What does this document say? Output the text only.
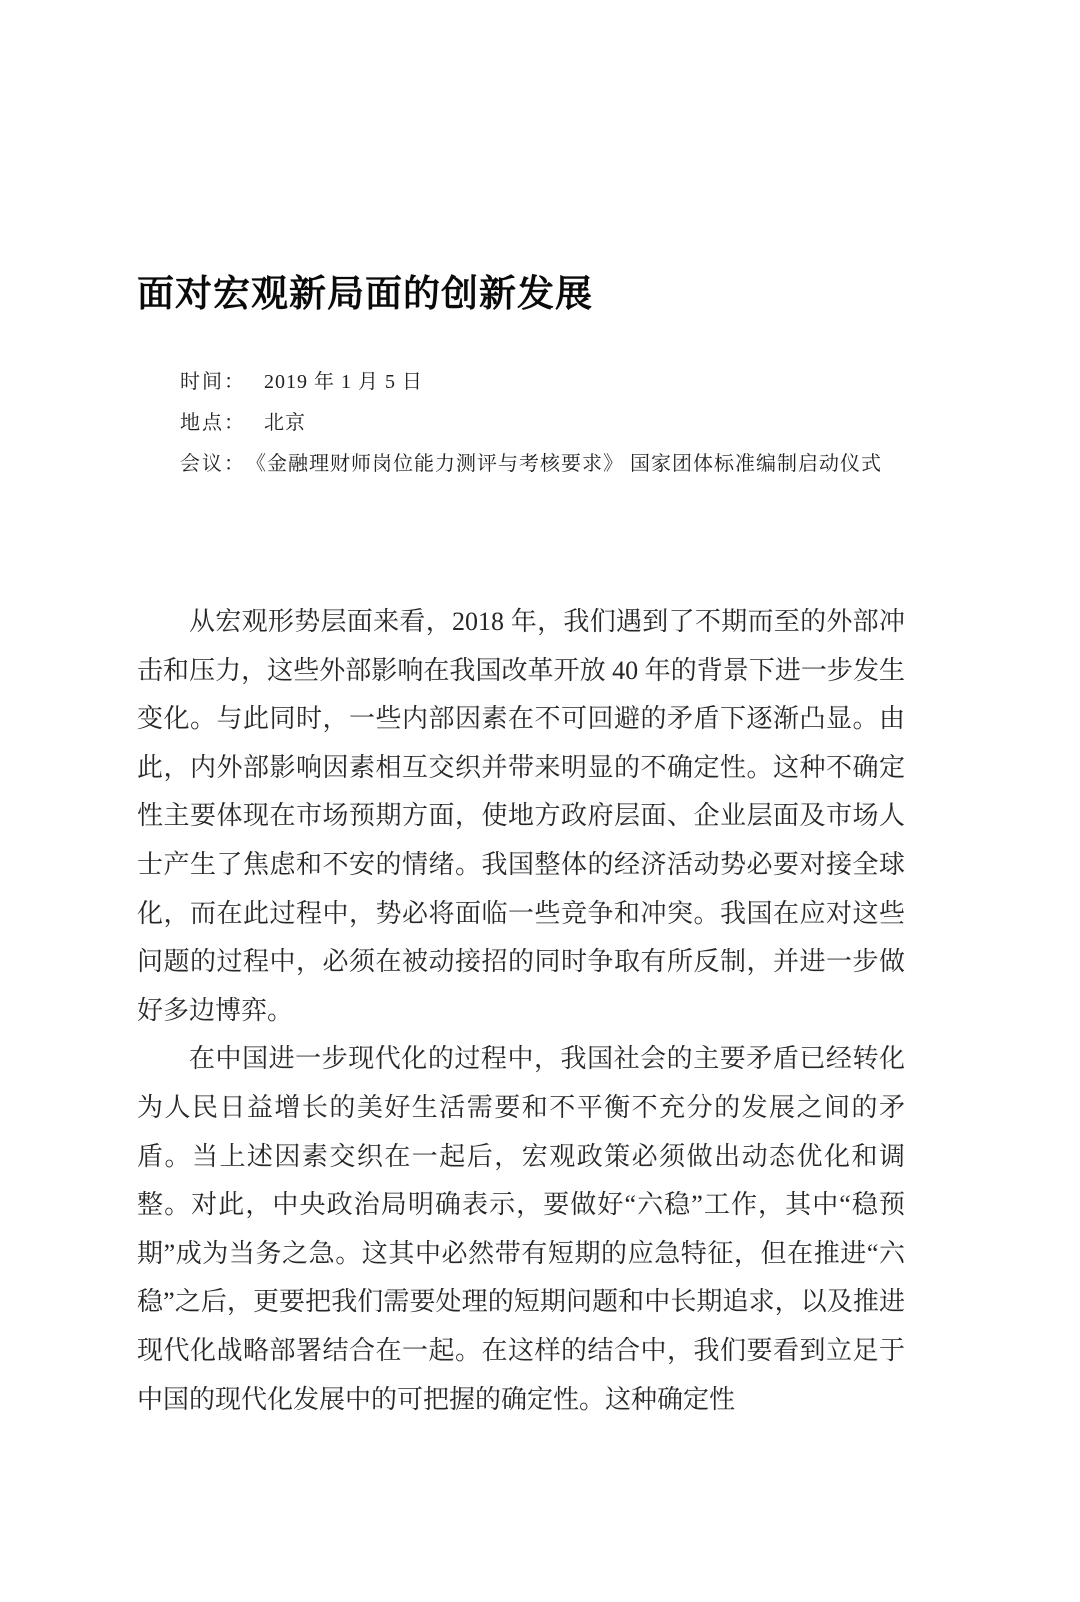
面对宏观新局面的创新发展
时间： 2019 年 1 月 5 日
地点： 北京
会议： 《金融理财师岗位能力测评与考核要求》 国家团体标准编制启动仪式

从宏观形势层面来看，2018 年，我们遇到了不期而至的外部冲击和压力，这些外部影响在我国改革开放 40 年的背景下进一步发生变化。与此同时，一些内部因素在不可回避的矛盾下逐渐凸显。由此，内外部影响因素相互交织并带来明显的不确定性。这种不确定性主要体现在市场预期方面，使地方政府层面、企业层面及市场人士产生了焦虑和不安的情绪。我国整体的经济活动势必要对接全球化，而在此过程中，势必将面临一些竞争和冲突。我国在应对这些问题的过程中，必须在被动接招的同时争取有所反制，并进一步做好多边博弈。

在中国进一步现代化的过程中，我国社会的主要矛盾已经转化为人民日益增长的美好生活需要和不平衡不充分的发展之间的矛盾。当上述因素交织在一起后，宏观政策必须做出动态优化和调整。对此，中央政治局明确表示，要做好“六稳”工作，其中“稳预期”成为当务之急。这其中必然带有短期的应急特征，但在推进“六稳”之后，更要把我们需要处理的短期问题和中长期追求，以及推进现代化战略部署结合在一起。在这样的结合中，我们要看到立足于中国的现代化发展中的可把握的确定性。这种确定性
